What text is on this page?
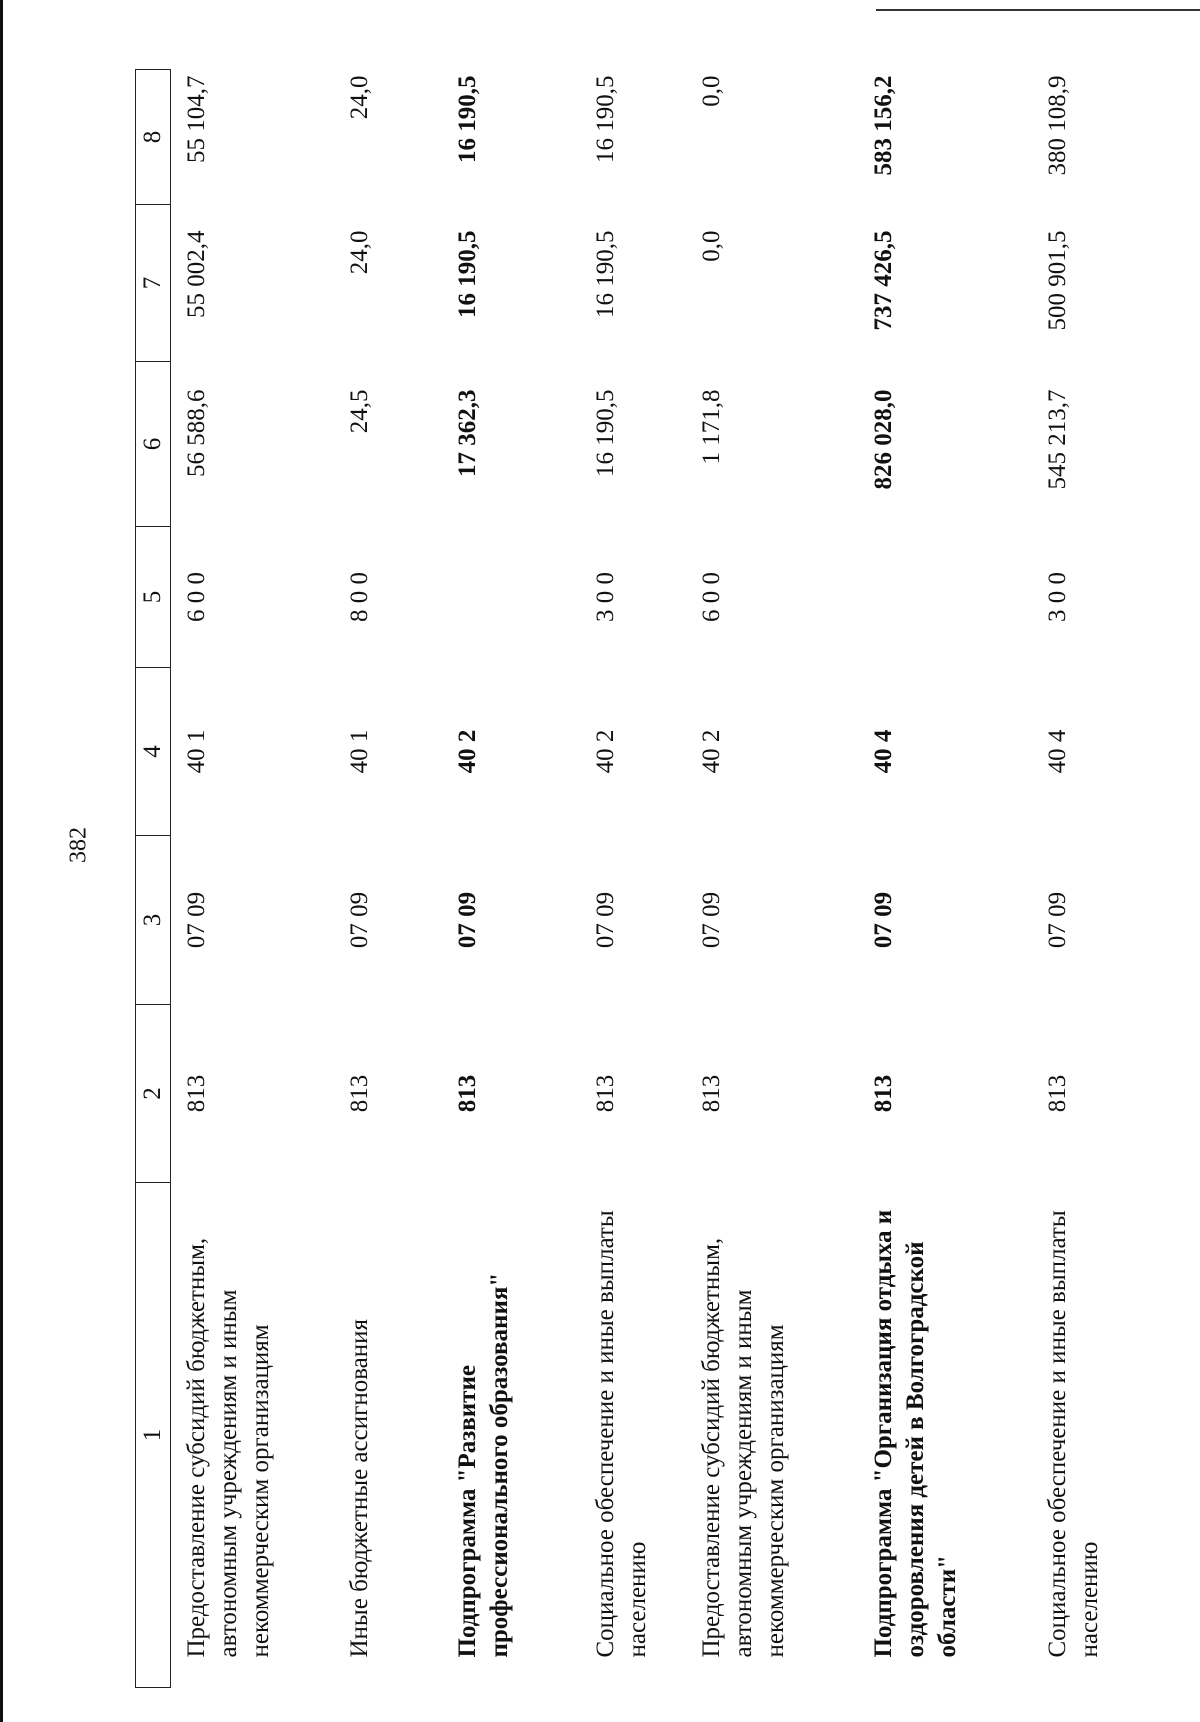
382
1	2	3	4	5	6	7	8
Предоставление субсидий бюджетным, автономным учреждениям и иным некоммерческим организациям	813	07 09	40 1	6 0 0	56 588,6	55 002,4	55 104,7
Иные бюджетные ассигнования	813	07 09	40 1	8 0 0	24,5	24,0	24,0
Подпрограмма "Развитие профессионального образования"	813	07 09	40 2		17 362,3	16 190,5	16 190,5
Социальное обеспечение и иные выплаты населению	813	07 09	40 2	3 0 0	16 190,5	16 190,5	16 190,5
Предоставление субсидий бюджетным, автономным учреждениям и иным некоммерческим организациям	813	07 09	40 2	6 0 0	1 171,8	0,0	0,0
Подпрограмма "Организация отдыха и оздоровления детей в Волгоградской области"	813	07 09	40 4		826 028,0	737 426,5	583 156,2
Социальное обеспечение и иные выплаты населению	813	07 09	40 4	3 0 0	545 213,7	500 901,5	380 108,9
